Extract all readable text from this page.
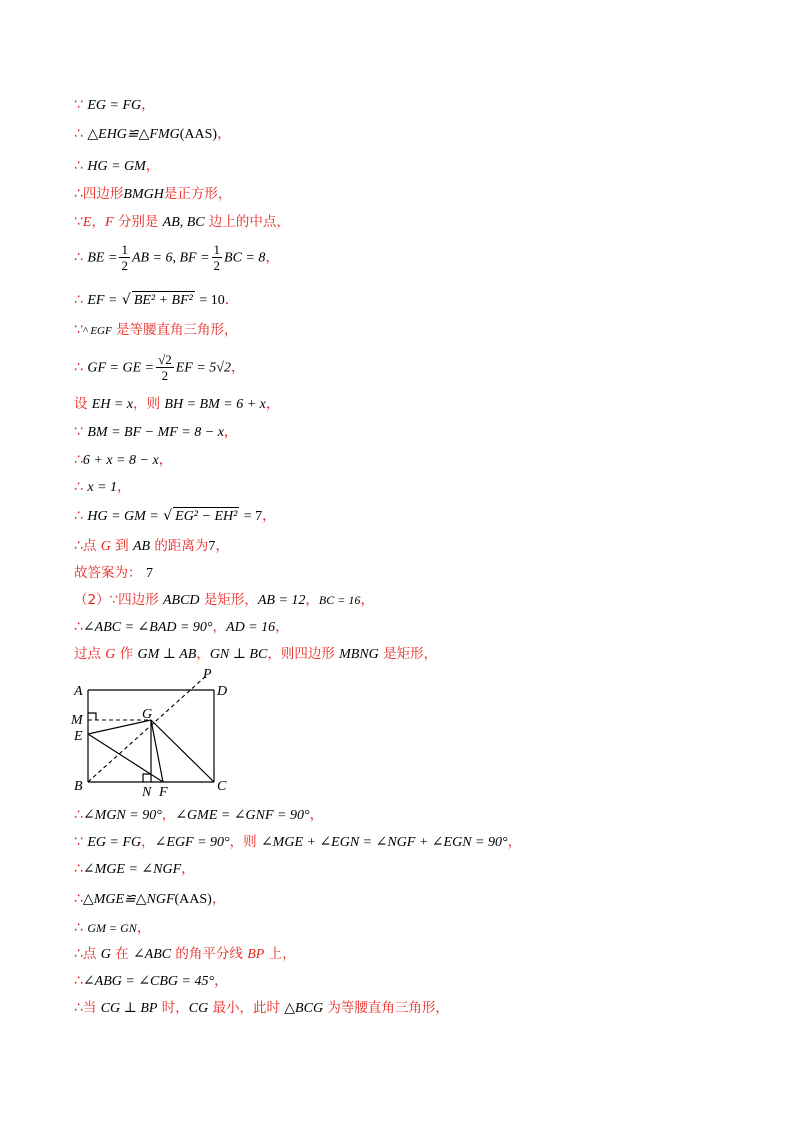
∵ EG = FG，
∴ △EHG≌△FMG(AAS)，
∴ HG = GM，
∴四边形BMGH是正方形，
∵E，F 分别是 AB, BC 边上的中点，
∴ BE = $\frac{1}{2}$ AB = 6, BF = $\frac{1}{2}$ BC = 8，
∴ EF = √ BE² + BF² = 10．
∵^ EGF 是等腰直角三角形，
∴ GF = GE = $\frac{√2}{2}$ EF = 5√2，
设 EH = x，则 BH = BM = 6 + x，
∵ BM = BF − MF = 8 − x，
∴6 + x = 8 − x，
∴ x = 1，
∴ HG = GM = √ EG² − EH² = 7，
∴点 G 到 AB 的距离为7，
故答案为： 7
（2）∵四边形 ABCD 是矩形，AB = 12，BC = 16，
∴∠ABC = ∠BAD = 90°，AD = 16，
过点 G 作 GM ⊥ AB，GN ⊥ BC，则四边形 MBNG 是矩形，
A	D
P
M	G
E
B	N F	C
∴∠MGN = 90°，∠GME = ∠GNF = 90°，
∵ EG = FG，∠EGF = 90°，则 ∠MGE + ∠EGN = ∠NGF + ∠EGN = 90°，
∴∠MGE = ∠NGF，
∴△MGE≌△NGF(AAS)，
∴ GM = GN，
∴点 G 在 ∠ABC 的角平分线 BP 上，
∴∠ABG = ∠CBG = 45°，
∴当 CG ⊥ BP 时，CG 最小，此时 △BCG 为等腰直角三角形，
